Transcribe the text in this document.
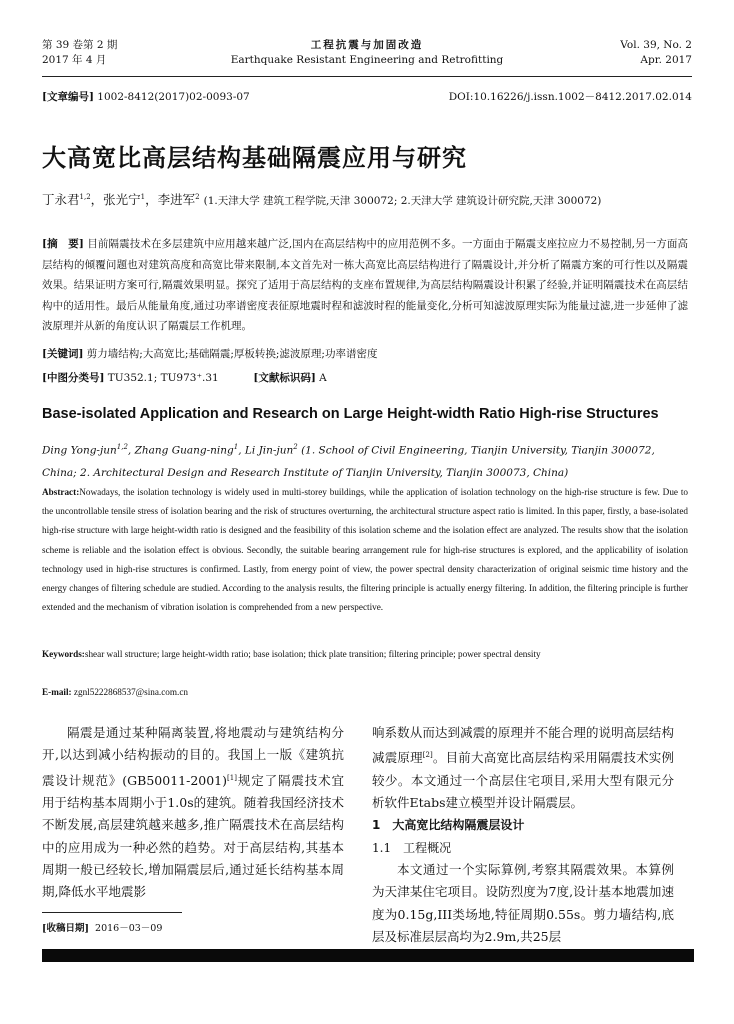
第 39 卷第 2 期
2017 年 4 月
工程抗震与加固改造
Earthquake Resistant Engineering and Retrofitting
Vol. 39, No. 2
Apr. 2017
[文章编号] 1002-8412(2017)02-0093-07	DOI:10.16226/j.issn.1002－8412.2017.02.014
大高宽比高层结构基础隔震应用与研究
丁永君$^{1,2}$，张光宁$^1$，李进军$^2$ (1.天津大学 建筑工程学院,天津 300072; 2.天津大学 建筑设计研究院,天津 300072)
[摘　要] 目前隔震技术在多层建筑中应用越来越广泛,国内在高层结构中的应用范例不多。一方面由于隔震支座拉应力不易控制,另一方面高层结构的倾覆问题也对建筑高度和高宽比带来限制,本文首先对一栋大高宽比高层结构进行了隔震设计,并分析了隔震方案的可行性以及隔震效果。结果证明方案可行,隔震效果明显。探究了适用于高层结构的支座布置规律,为高层结构隔震设计积累了经验,并证明隔震技术在高层结构中的适用性。最后从能量角度,通过功率谱密度表征原地震时程和滤波时程的能量变化,分析可知滤波原理实际为能量过滤,进一步延伸了滤波原理并从新的角度认识了隔震层工作机理。
[关键词] 剪力墙结构;大高宽比;基础隔震;厚板转换;滤波原理;功率谱密度
[中图分类号] TU352.1; TU973⁺.31	[文献标识码] A
Base-isolated Application and Research on Large Height-width Ratio High-rise Structures
Ding Yong-jun$^{1,2}$, Zhang Guang-ning$^1$, Li Jin-jun$^2$ (1. School of Civil Engineering, Tianjin University, Tianjin 300072, China; 2. Architectural Design and Research Institute of Tianjin University, Tianjin 300073, China)
Abstract:Nowadays, the isolation technology is widely used in multi-storey buildings, while the application of isolation technology on the high-rise structure is few. Due to the uncontrollable tensile stress of isolation bearing and the risk of structures overturning, the architectural structure aspect ratio is limited. In this paper, firstly, a base-isolated high-rise structure with large height-width ratio is designed and the feasibility of this isolation scheme and the isolation effect are analyzed. The results show that the isolation scheme is reliable and the isolation effect is obvious. Secondly, the suitable bearing arrangement rule for high-rise structures is explored, and the applicability of isolation technology used in high-rise structures is confirmed. Lastly, from energy point of view, the power spectral density characterization of original seismic time history and the energy changes of filtering schedule are studied. According to the analysis results, the filtering principle is actually energy filtering. In addition, the filtering principle is further extended and the mechanism of vibration isolation is comprehended from a new perspective.
Keywords:shear wall structure; large height-width ratio; base isolation; thick plate transition; filtering principle; power spectral density
E-mail: zgnl5222868537@sina.com.cn

隔震是通过某种隔离装置,将地震动与建筑结构分开,以达到减小结构振动的目的。我国上一版《建筑抗震设计规范》(GB50011-2001)[1]规定了隔震技术宜用于结构基本周期小于1.0s的建筑。随着我国经济技术不断发展,高层建筑越来越多,推广隔震技术在高层结构中的应用成为一种必然的趋势。对于高层结构,其基本周期一般已经较长,增加隔震层后,通过延长结构基本周期,降低水平地震影

响系数从而达到减震的原理并不能合理的说明高层结构减震原理[2]。目前大高宽比高层结构采用隔震技术实例较少。本文通过一个高层住宅项目,采用大型有限元分析软件Etabs建立模型并设计隔震层。

1　大高宽比结构隔震层设计

1.1　工程概况

本文通过一个实际算例,考察其隔震效果。本算例为天津某住宅项目。设防烈度为7度,设计基本地震加速度为0.15g,III类场地,特征周期0.55s。剪力墙结构,底层及标准层层高均为2.9m,共25层

[收稿日期] 2016－03－09
